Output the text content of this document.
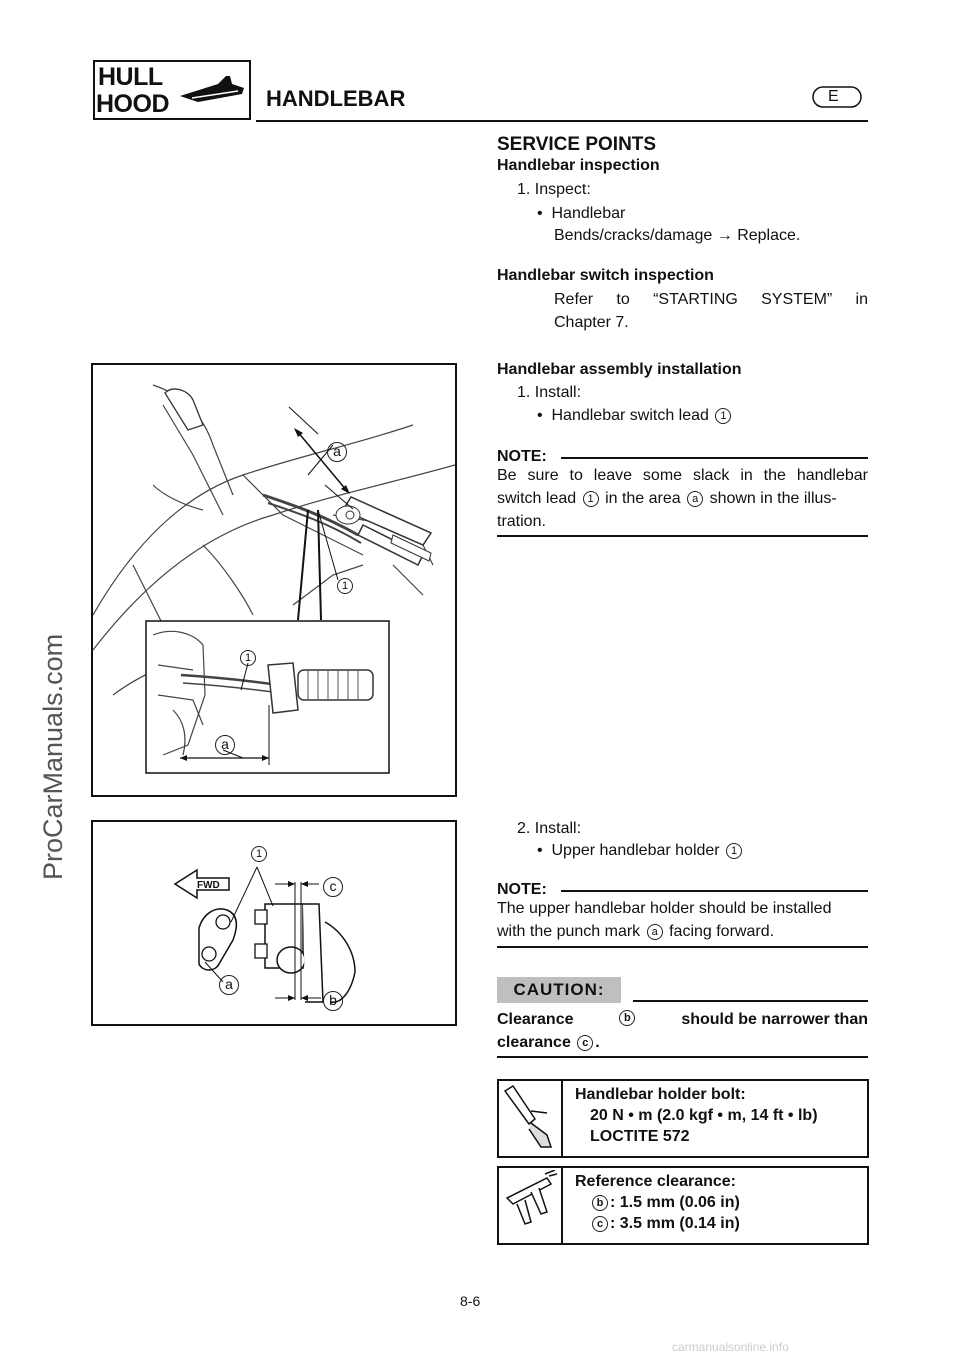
HULL
HOOD	HANDLEBAR	E
ProCarManuals.com
SERVICE POINTS
Handlebar inspection
1. Inspect:
•  Handlebar
Bends/cracks/damage → Replace.
Handlebar switch inspection
Refer to “STARTING SYSTEM” in
Chapter 7.
Handlebar assembly installation
1. Install:
•  Handlebar switch lead 1
NOTE:
Be sure to leave some slack in the handlebar
switch lead 1 in the area a shown in the illus-
tration.
2. Install:
•  Upper handlebar holder 1
NOTE:
The upper handlebar holder should be installed
with the punch mark a facing forward.
CAUTION:
Clearance	b	should be narrower than
clearance c .
Handlebar holder bolt:
20 N • m (2.0 kgf • m, 14 ft • lb)
LOCTITE 572
Reference clearance:
b : 1.5 mm (0.06 in)
c : 3.5 mm (0.14 in)
a
1
1
a
FWD
1
c
a
b
8-6
carmanualsonline.info
